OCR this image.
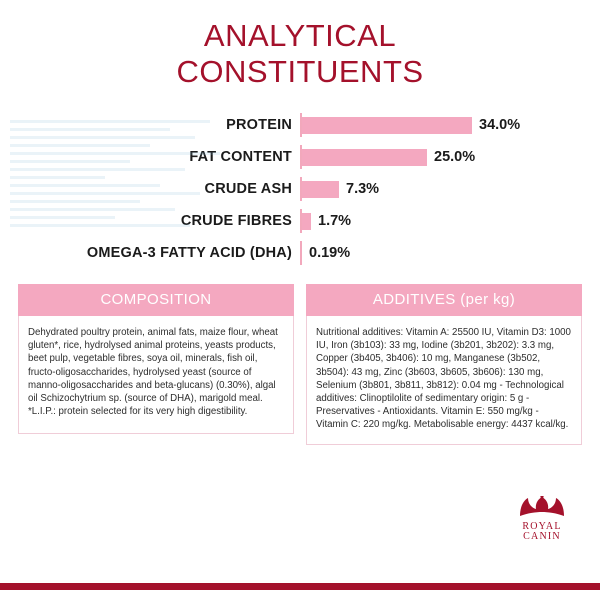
ANALYTICAL
CONSTITUENTS
PROTEIN	34.0%
FAT CONTENT	25.0%
CRUDE ASH	7.3%
CRUDE FIBRES	1.7%
OMEGA-3 FATTY ACID (DHA)	0.19%
COMPOSITION
Dehydrated poultry protein, animal fats, maize flour, wheat gluten*, rice, hydrolysed animal proteins, yeasts products, beet pulp, vegetable fibres, soya oil, minerals, fish oil, fructo-oligosaccharides, hydrolysed yeast (source of manno-oligosaccharides and beta-glucans) (0.30%), algal oil Schizochytrium sp. (source of DHA), marigold meal. *L.I.P.: protein selected for its very high digestibility.
ADDITIVES (per kg)
Nutritional additives: Vitamin A: 25500 IU, Vitamin D3: 1000 IU, Iron (3b103): 33 mg, Iodine (3b201, 3b202): 3.3 mg, Copper (3b405, 3b406): 10 mg, Manganese (3b502, 3b504): 43 mg, Zinc (3b603, 3b605, 3b606): 130 mg, Selenium (3b801, 3b811, 3b812): 0.04 mg - Technological additives: Clinoptilolite of sedimentary origin: 5 g - Preservatives - Antioxidants. Vitamin E: 550 mg/kg - Vitamin C: 220 mg/kg. Metabolisable energy: 4437 kcal/kg.
ROYAL
CANIN
